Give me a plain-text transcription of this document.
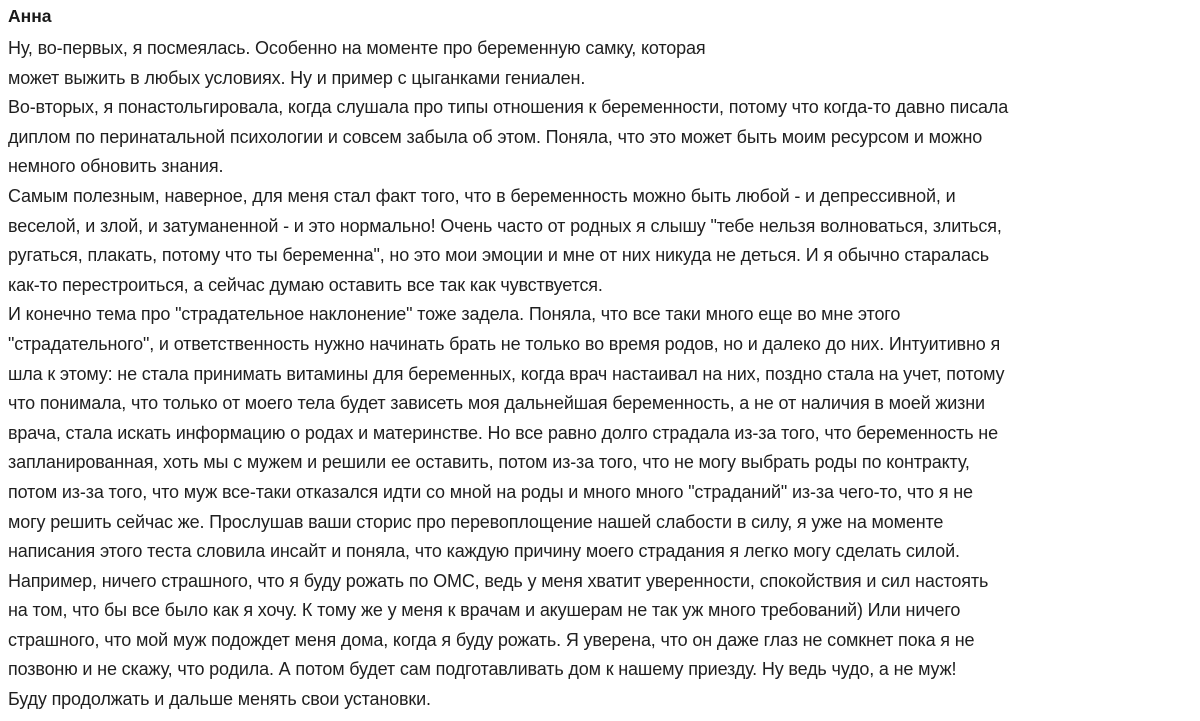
Анна
Ну, во-первых, я посмеялась. Особенно на моменте про беременную самку, которая
может выжить в любых условиях. Ну и пример с цыганками гениален.
Во-вторых, я понастольгировала, когда слушала про типы отношения к беременности, потому что когда-то давно писала
диплом по перинатальной психологии и совсем забыла об этом. Поняла, что это может быть моим ресурсом и можно
немного обновить знания.
Самым полезным, наверное, для меня стал факт того, что в беременность можно быть любой - и депрессивной, и
веселой, и злой, и затуманенной - и это нормально! Очень часто от родных я слышу "тебе нельзя волноваться, злиться,
ругаться, плакать, потому что ты беременна", но это мои эмоции и мне от них никуда не деться. И я обычно старалась
как-то перестроиться, а сейчас думаю оставить все так как чувствуется.
И конечно тема про "страдательное наклонение" тоже задела. Поняла, что все таки много еще во мне этого
"страдательного", и ответственность нужно начинать брать не только во время родов, но и далеко до них. Интуитивно я
шла к этому: не стала принимать витамины для беременных, когда врач настаивал на них, поздно стала на учет, потому
что понимала, что только от моего тела будет зависеть моя дальнейшая беременность, а не от наличия в моей жизни
врача, стала искать информацию о родах и материнстве. Но все равно долго страдала из-за того, что беременность не
запланированная, хоть мы с мужем и решили ее оставить, потом из-за того, что не могу выбрать роды по контракту,
потом из-за того, что муж все-таки отказался идти со мной на роды и много много "страданий" из-за чего-то, что я не
могу решить сейчас же. Прослушав ваши сторис про перевоплощение нашей слабости в силу, я уже на моменте
написания этого теста словила инсайт и поняла, что каждую причину моего страдания я легко могу сделать силой.
Например, ничего страшного, что я буду рожать по ОМС, ведь у меня хватит уверенности, спокойствия и сил настоять
на том, что бы все было как я хочу. К тому же у меня к врачам и акушерам не так уж много требований) Или ничего
страшного, что мой муж подождет меня дома, когда я буду рожать. Я уверена, что он даже глаз не сомкнет пока я не
позвоню и не скажу, что родила. А потом будет сам подготавливать дом к нашему приезду. Ну ведь чудо, а не муж!
Буду продолжать и дальше менять свои установки.
